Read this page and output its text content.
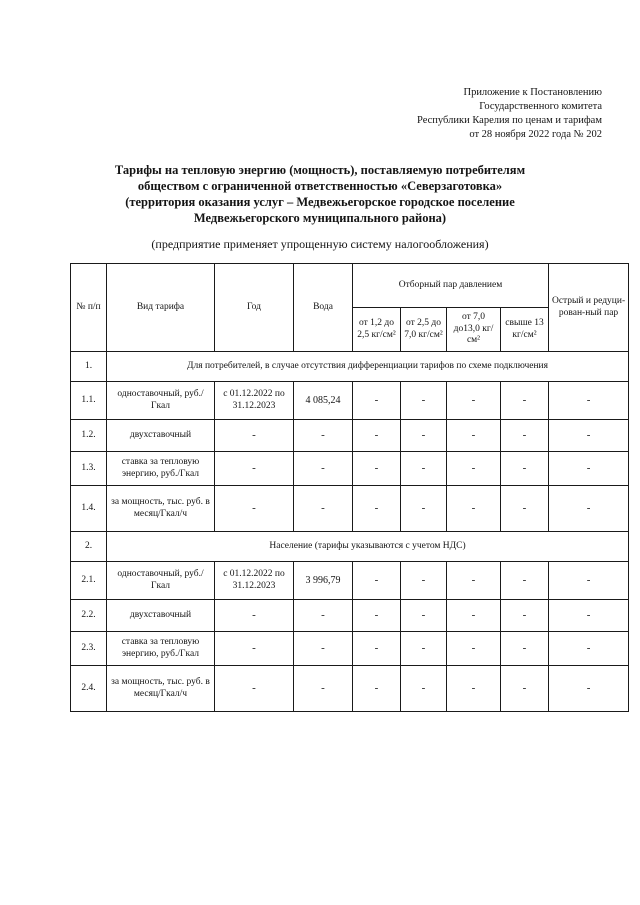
Приложение к Постановлению
Государственного комитета
Республики Карелия по ценам и тарифам
от 28 ноября 2022 года № 202
Тарифы на тепловую энергию (мощность), поставляемую потребителям
обществом с ограниченной ответственностью «Северзаготовка»
(территория оказания услуг – Медвежьегорское городское поселение
Медвежьегорского муниципального района)
(предприятие применяет упрощенную систему налогообложения)
№ п/п	Вид тарифа	Год	Вода	Отборный пар давлением				Острый и редуци-рован-ный пар
				от 1,2 до 2,5 кг/см²	от 2,5 до 7,0 кг/см²	от 7,0 до13,0 кг/см²	свыше 13 кг/см²	
1.	Для потребителей, в случае отсутствия дифференциации тарифов по схеме подключения							
1.1.	одноставочный, руб./Гкал	с 01.12.2022 по 31.12.2023	4 085,24	-	-	-	-	-
1.2.	двухставочный	-	-	-	-	-	-	-
1.3.	ставка за тепловую энергию, руб./Гкал	-	-	-	-	-	-	-
1.4.	за мощность, тыс. руб. в месяц/Гкал/ч	-	-	-	-	-	-	-
2.	Население (тарифы указываются с учетом НДС)							
2.1.	одноставочный, руб./Гкал	с 01.12.2022 по 31.12.2023	3 996,79	-	-	-	-	-
2.2.	двухставочный	-	-	-	-	-	-	-
2.3.	ставка за тепловую энергию, руб./Гкал	-	-	-	-	-	-	-
2.4.	за мощность, тыс. руб. в месяц/Гкал/ч	-	-	-	-	-	-	-
